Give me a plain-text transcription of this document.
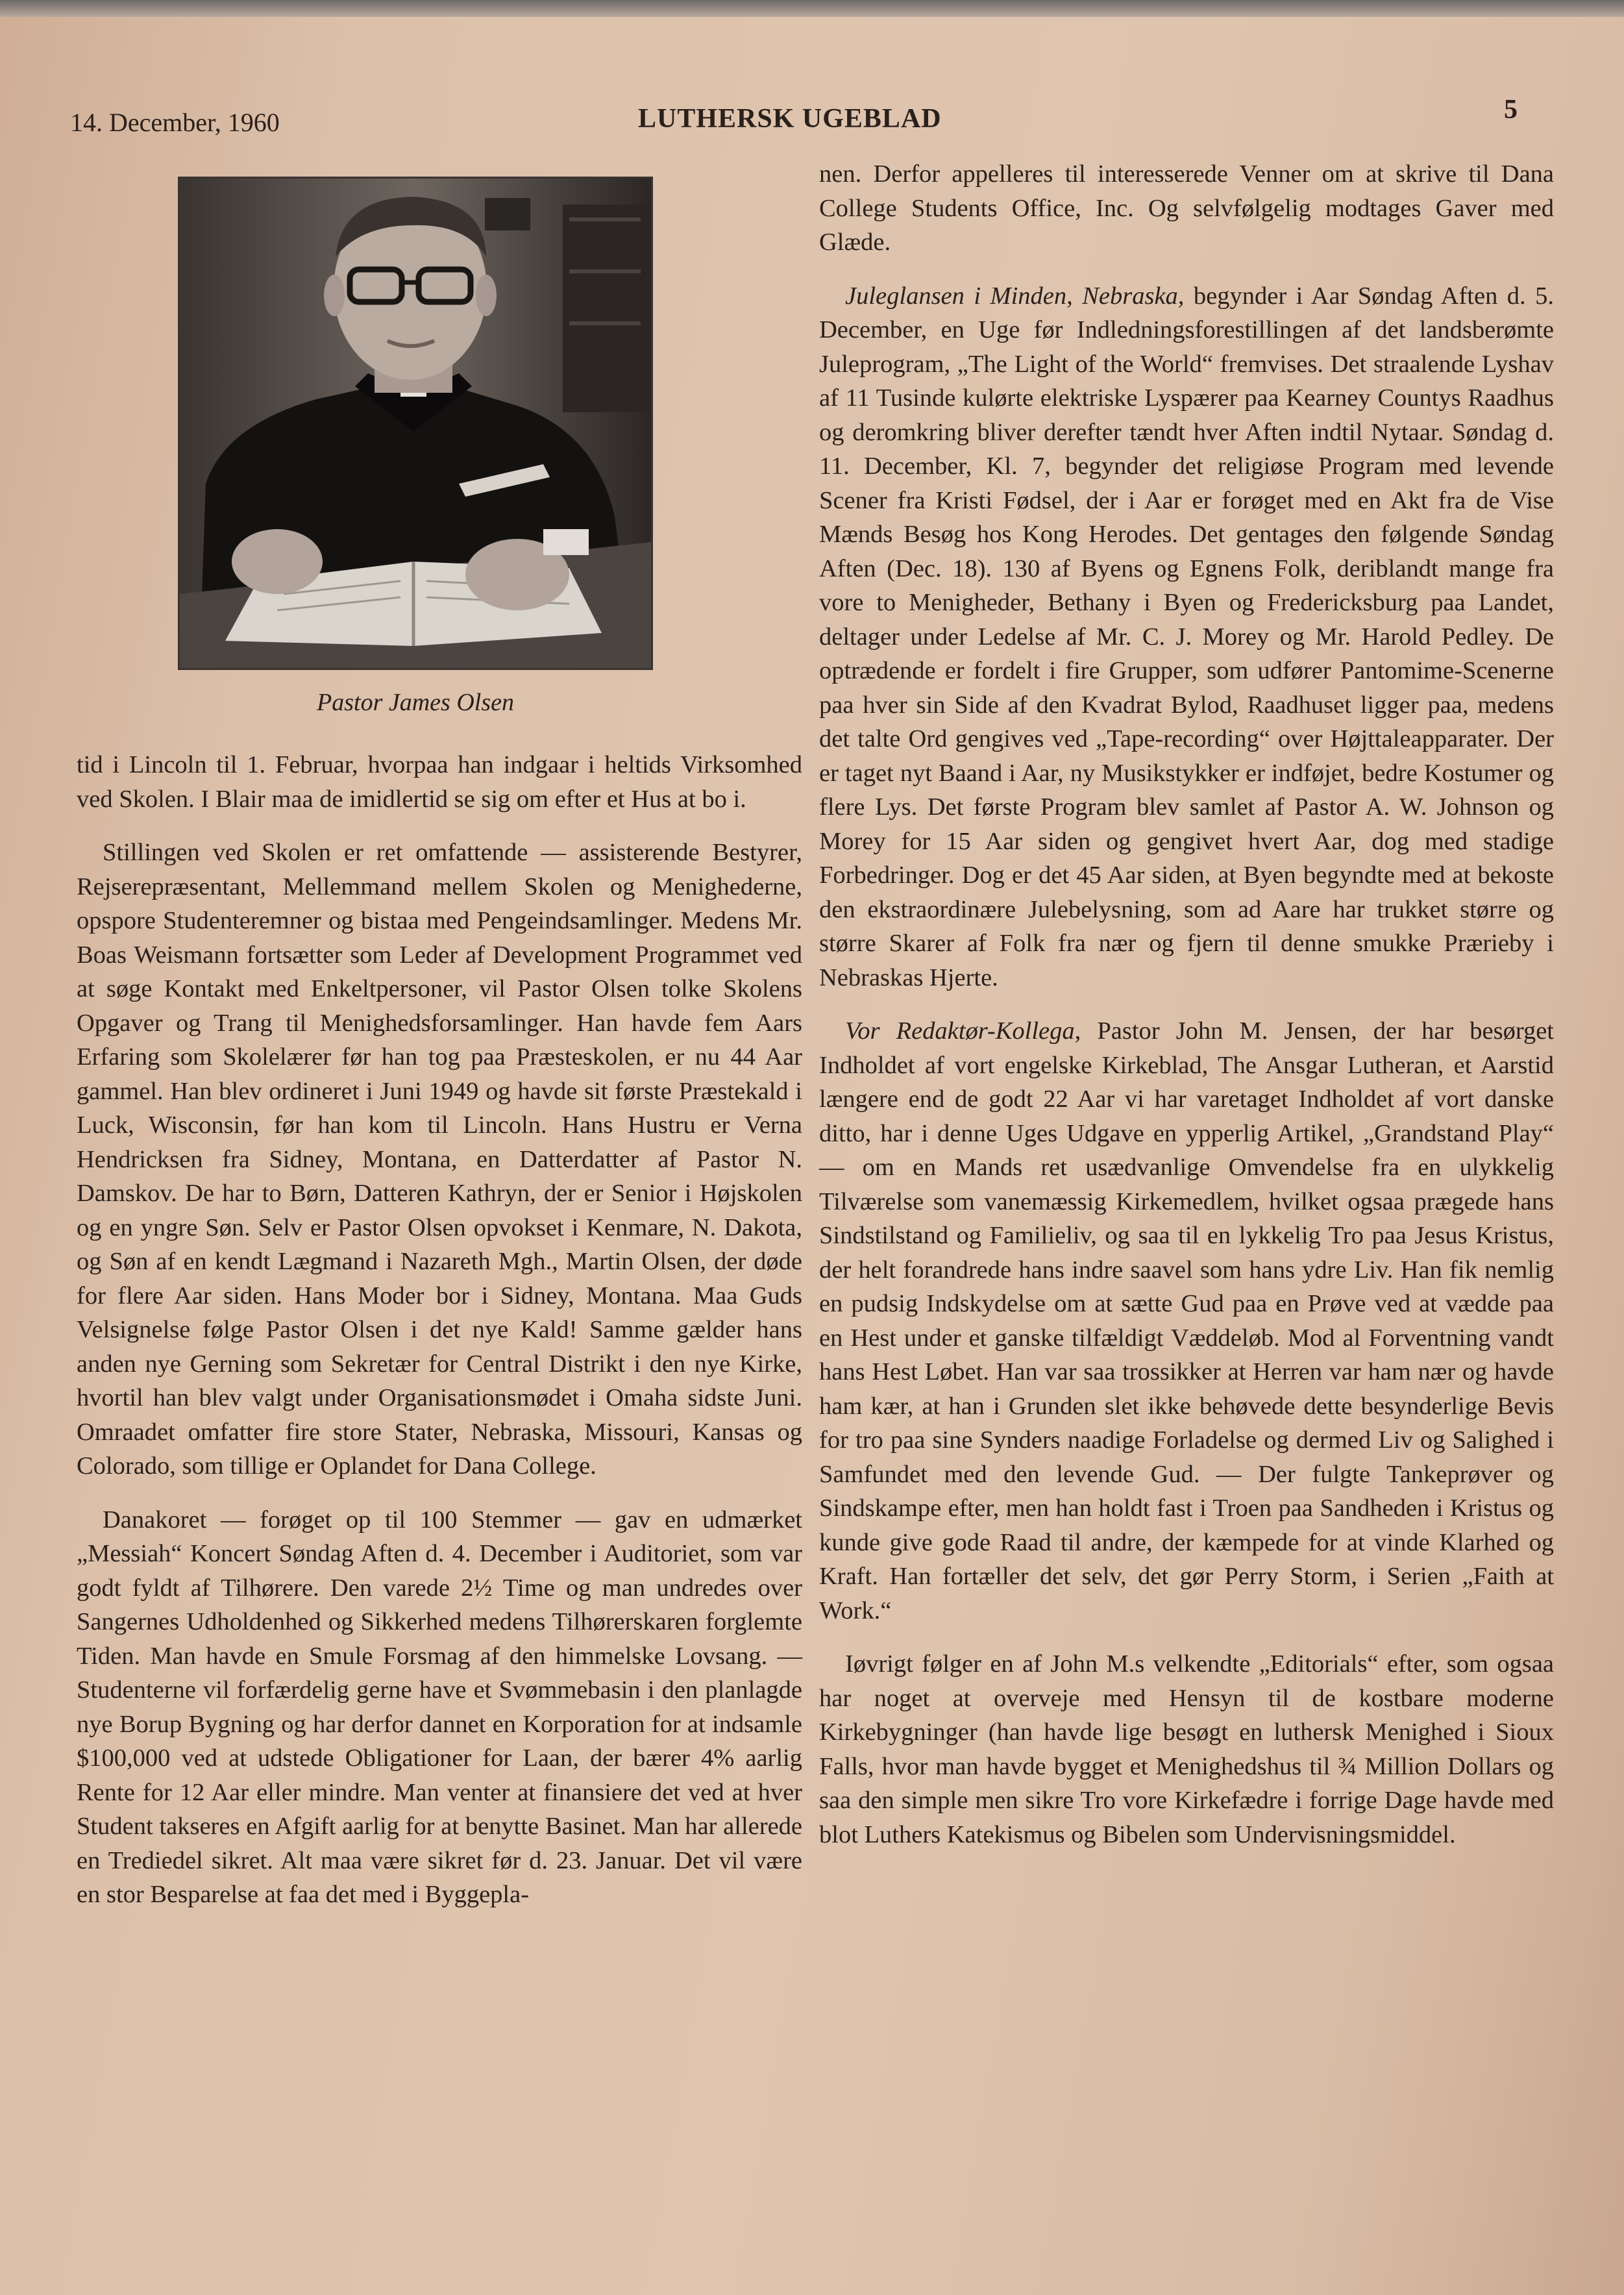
14. December, 1960	LUTHERSK UGEBLAD	5
Pastor James Olsen

tid i Lincoln til 1. Februar, hvorpaa han indgaar i heltids Virksomhed ved Skolen. I Blair maa de imidlertid se sig om efter et Hus at bo i.

Stillingen ved Skolen er ret omfattende — assisterende Bestyrer, Rejserepræsentant, Mellemmand mellem Skolen og Menighederne, opspore Studenteremner og bistaa med Pengeindsamlinger. Medens Mr. Boas Weismann fortsætter som Leder af Development Programmet ved at søge Kontakt med Enkeltpersoner, vil Pastor Olsen tolke Skolens Opgaver og Trang til Menighedsforsamlinger. Han havde fem Aars Erfaring som Skolelærer før han tog paa Præsteskolen, er nu 44 Aar gammel. Han blev ordineret i Juni 1949 og havde sit første Præstekald i Luck, Wisconsin, før han kom til Lincoln. Hans Hustru er Verna Hendricksen fra Sidney, Montana, en Datterdatter af Pastor N. Damskov. De har to Børn, Datteren Kathryn, der er Senior i Højskolen og en yngre Søn. Selv er Pastor Olsen opvokset i Kenmare, N. Dakota, og Søn af en kendt Lægmand i Nazareth Mgh., Martin Olsen, der døde for flere Aar siden. Hans Moder bor i Sidney, Montana. Maa Guds Velsignelse følge Pastor Olsen i det nye Kald! Samme gælder hans anden nye Gerning som Sekretær for Central Distrikt i den nye Kirke, hvortil han blev valgt under Organisationsmødet i Omaha sidste Juni. Omraadet omfatter fire store Stater, Nebraska, Missouri, Kansas og Colorado, som tillige er Oplandet for Dana College.

Danakoret — forøget op til 100 Stemmer — gav en udmærket „Messiah“ Koncert Søndag Aften d. 4. December i Auditoriet, som var godt fyldt af Tilhørere. Den varede 2½ Time og man undredes over Sangernes Udholdenhed og Sikkerhed medens Tilhørerskaren forglemte Tiden. Man havde en Smule Forsmag af den himmelske Lovsang. — Studenterne vil forfærdelig gerne have et Svømmebasin i den planlagde nye Borup Bygning og har derfor dannet en Korporation for at indsamle $100,000 ved at udstede Obligationer for Laan, der bærer 4% aarlig Rente for 12 Aar eller mindre. Man venter at finansiere det ved at hver Student takseres en Afgift aarlig for at benytte Basinet. Man har allerede en Trediedel sikret. Alt maa være sikret før d. 23. Januar. Det vil være en stor Besparelse at faa det med i Byggepla-

nen. Derfor appelleres til interesserede Venner om at skrive til Dana College Students Office, Inc. Og selvfølgelig modtages Gaver med Glæde.

Juleglansen i Minden, Nebraska, begynder i Aar Søndag Aften d. 5. December, en Uge før Indledningsforestillingen af det landsberømte Juleprogram, „The Light of the World“ fremvises. Det straalende Lyshav af 11 Tusinde kulørte elektriske Lyspærer paa Kearney Countys Raadhus og deromkring bliver derefter tændt hver Aften indtil Nytaar. Søndag d. 11. December, Kl. 7, begynder det religiøse Program med levende Scener fra Kristi Fødsel, der i Aar er forøget med en Akt fra de Vise Mænds Besøg hos Kong Herodes. Det gentages den følgende Søndag Aften (Dec. 18). 130 af Byens og Egnens Folk, deriblandt mange fra vore to Menigheder, Bethany i Byen og Fredericksburg paa Landet, deltager under Ledelse af Mr. C. J. Morey og Mr. Harold Pedley. De optrædende er fordelt i fire Grupper, som udfører Pantomime-Scenerne paa hver sin Side af den Kvadrat Bylod, Raadhuset ligger paa, medens det talte Ord gengives ved „Tape-recording“ over Højttaleapparater. Der er taget nyt Baand i Aar, ny Musikstykker er indføjet, bedre Kostumer og flere Lys. Det første Program blev samlet af Pastor A. W. Johnson og Morey for 15 Aar siden og gengivet hvert Aar, dog med stadige Forbedringer. Dog er det 45 Aar siden, at Byen begyndte med at bekoste den ekstraordinære Julebelysning, som ad Aare har trukket større og større Skarer af Folk fra nær og fjern til denne smukke Prærieby i Nebraskas Hjerte.

Vor Redaktør-Kollega, Pastor John M. Jensen, der har besørget Indholdet af vort engelske Kirkeblad, The Ansgar Lutheran, et Aarstid længere end de godt 22 Aar vi har varetaget Indholdet af vort danske ditto, har i denne Uges Udgave en ypperlig Artikel, „Grandstand Play“ — om en Mands ret usædvanlige Omvendelse fra en ulykkelig Tilværelse som vanemæssig Kirkemedlem, hvilket ogsaa prægede hans Sindstilstand og Familieliv, og saa til en lykkelig Tro paa Jesus Kristus, der helt forandrede hans indre saavel som hans ydre Liv. Han fik nemlig en pudsig Indskydelse om at sætte Gud paa en Prøve ved at vædde paa en Hest under et ganske tilfældigt Væddeløb. Mod al Forventning vandt hans Hest Løbet. Han var saa trossikker at Herren var ham nær og havde ham kær, at han i Grunden slet ikke behøvede dette besynderlige Bevis for tro paa sine Synders naadige Forladelse og dermed Liv og Salighed i Samfundet med den levende Gud. — Der fulgte Tankeprøver og Sindskampe efter, men han holdt fast i Troen paa Sandheden i Kristus og kunde give gode Raad til andre, der kæmpede for at vinde Klarhed og Kraft. Han fortæller det selv, det gør Perry Storm, i Serien „Faith at Work.“

Iøvrigt følger en af John M.s velkendte „Editorials“ efter, som ogsaa har noget at overveje med Hensyn til de kostbare moderne Kirkebygninger (han havde lige besøgt en luthersk Menighed i Sioux Falls, hvor man havde bygget et Menighedshus til ¾ Million Dollars og saa den simple men sikre Tro vore Kirkefædre i forrige Dage havde med blot Luthers Katekismus og Bibelen som Undervisningsmiddel.
